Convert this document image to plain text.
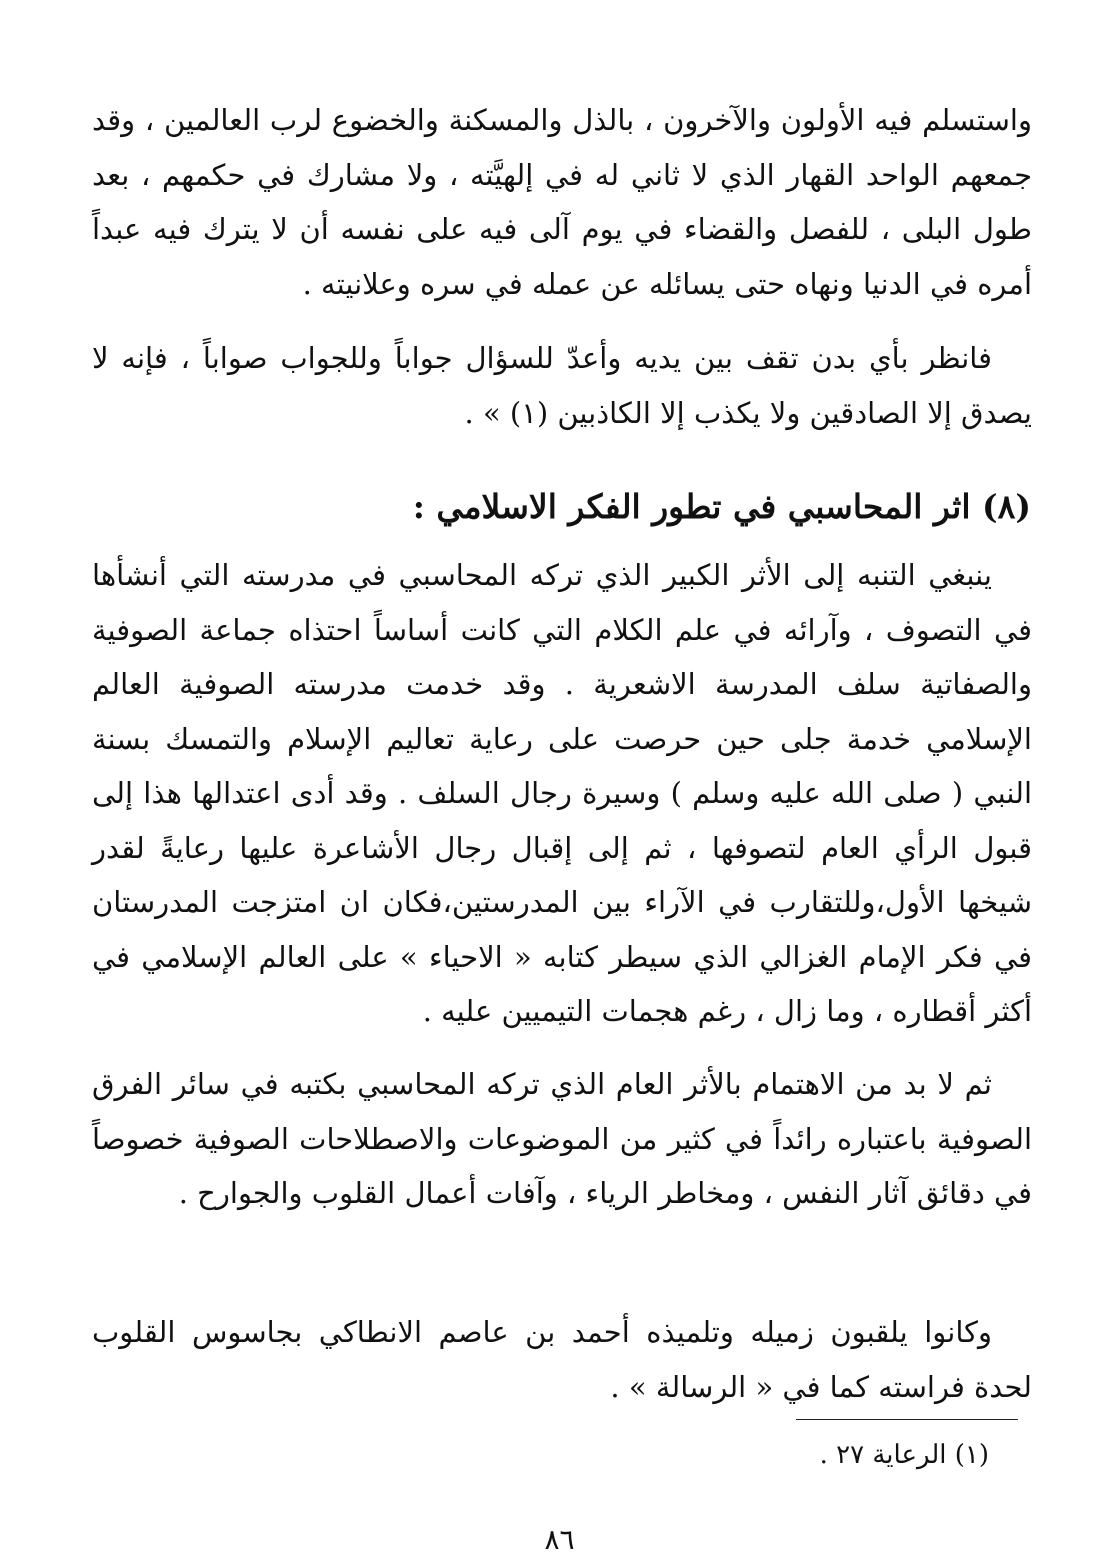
واستسلم فيه الأولون والآخرون ، بالذل والمسكنة والخضوع لرب العالمين ، وقد جمعهم الواحد القهار الذي لا ثاني له في إلهيَّته ، ولا مشارك في حكمهم ، بعد طول البلى ، للفصل والقضاء في يوم آلى فيه على نفسه أن لا يترك فيه عبداً أمره في الدنيا ونهاه حتى يسائله عن عمله في سره وعلانيته .
فانظر بأي بدن تقف بين يديه وأعدّ للسؤال جواباً وللجواب صواباً ، فإنه لا يصدق إلا الصادقين ولا يكذب إلا الكاذبين (١) » .
(٨) اثر المحاسبي في تطور الفكر الاسلامي :
ينبغي التنبه إلى الأثر الكبير الذي تركه المحاسبي في مدرسته التي أنشأها في التصوف ، وآرائه في علم الكلام التي كانت أساساً احتذاه جماعة الصوفية والصفاتية سلف المدرسة الاشعرية . وقد خدمت مدرسته الصوفية العالم الإسلامي خدمة جلى حين حرصت على رعاية تعاليم الإسلام والتمسك بسنة النبي ( صلى الله عليه وسلم ) وسيرة رجال السلف . وقد أدى اعتدالها هذا إلى قبول الرأي العام لتصوفها ، ثم إلى إقبال رجال الأشاعرة عليها رعايةً لقدر شيخها الأول،وللتقارب في الآراء بين المدرستين،فكان ان امتزجت المدرستان في فكر الإمام الغزالي الذي سيطر كتابه « الاحياء » على العالم الإسلامي في أكثر أقطاره ، وما زال ، رغم هجمات التيميين عليه .
ثم لا بد من الاهتمام بالأثر العام الذي تركه المحاسبي بكتبه في سائر الفرق الصوفية باعتباره رائداً في كثير من الموضوعات والاصطلاحات الصوفية خصوصاً في دقائق آثار النفس ، ومخاطر الرياء ، وآفات أعمال القلوب والجوارح .
وكانوا يلقبون زميله وتلميذه أحمد بن عاصم الانطاكي بجاسوس القلوب لحدة فراسته كما في « الرسالة » .
(١) الرعاية ٢٧ .
٨٦
